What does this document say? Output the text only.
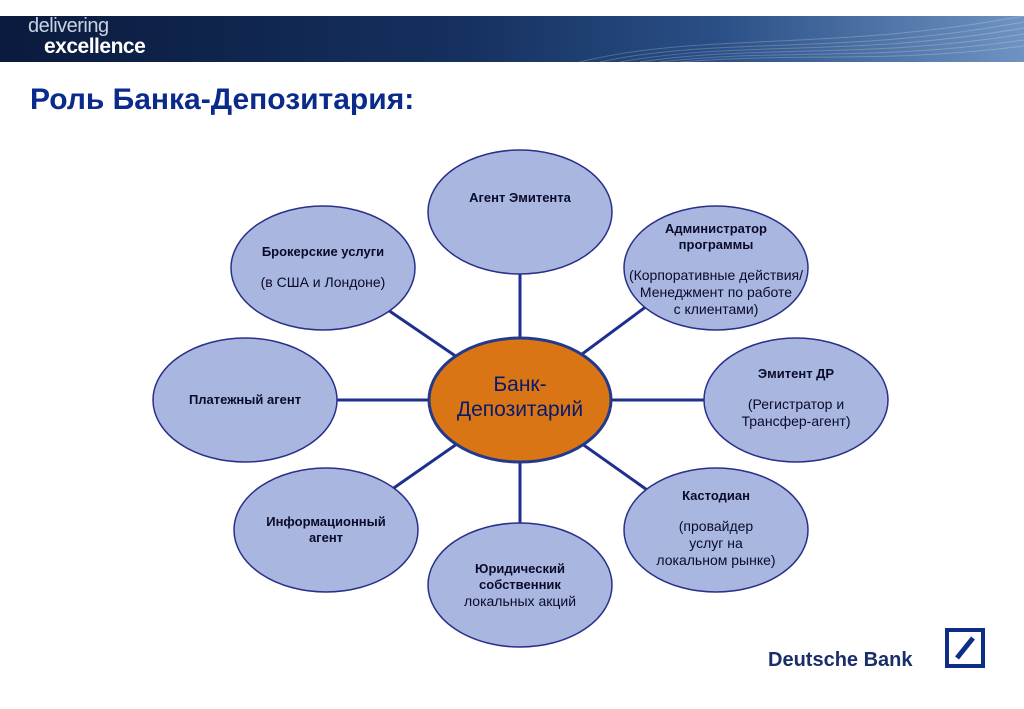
delivering
excellence
Роль Банка-Депозитария:
Банк-
Депозитарий
Агент Эмитента
Администратор
программы
(Корпоративные действия/
Менеджмент по работе
с клиентами)
Эмитент ДР
(Регистратор и
Трансфер-агент)
Кастодиан
(провайдер
услуг на
локальном рынке)
Юридический
собственник
локальных акций
Информационный
агент
Платежный агент
Брокерские услуги
(в США и Лондоне)
Deutsche Bank
